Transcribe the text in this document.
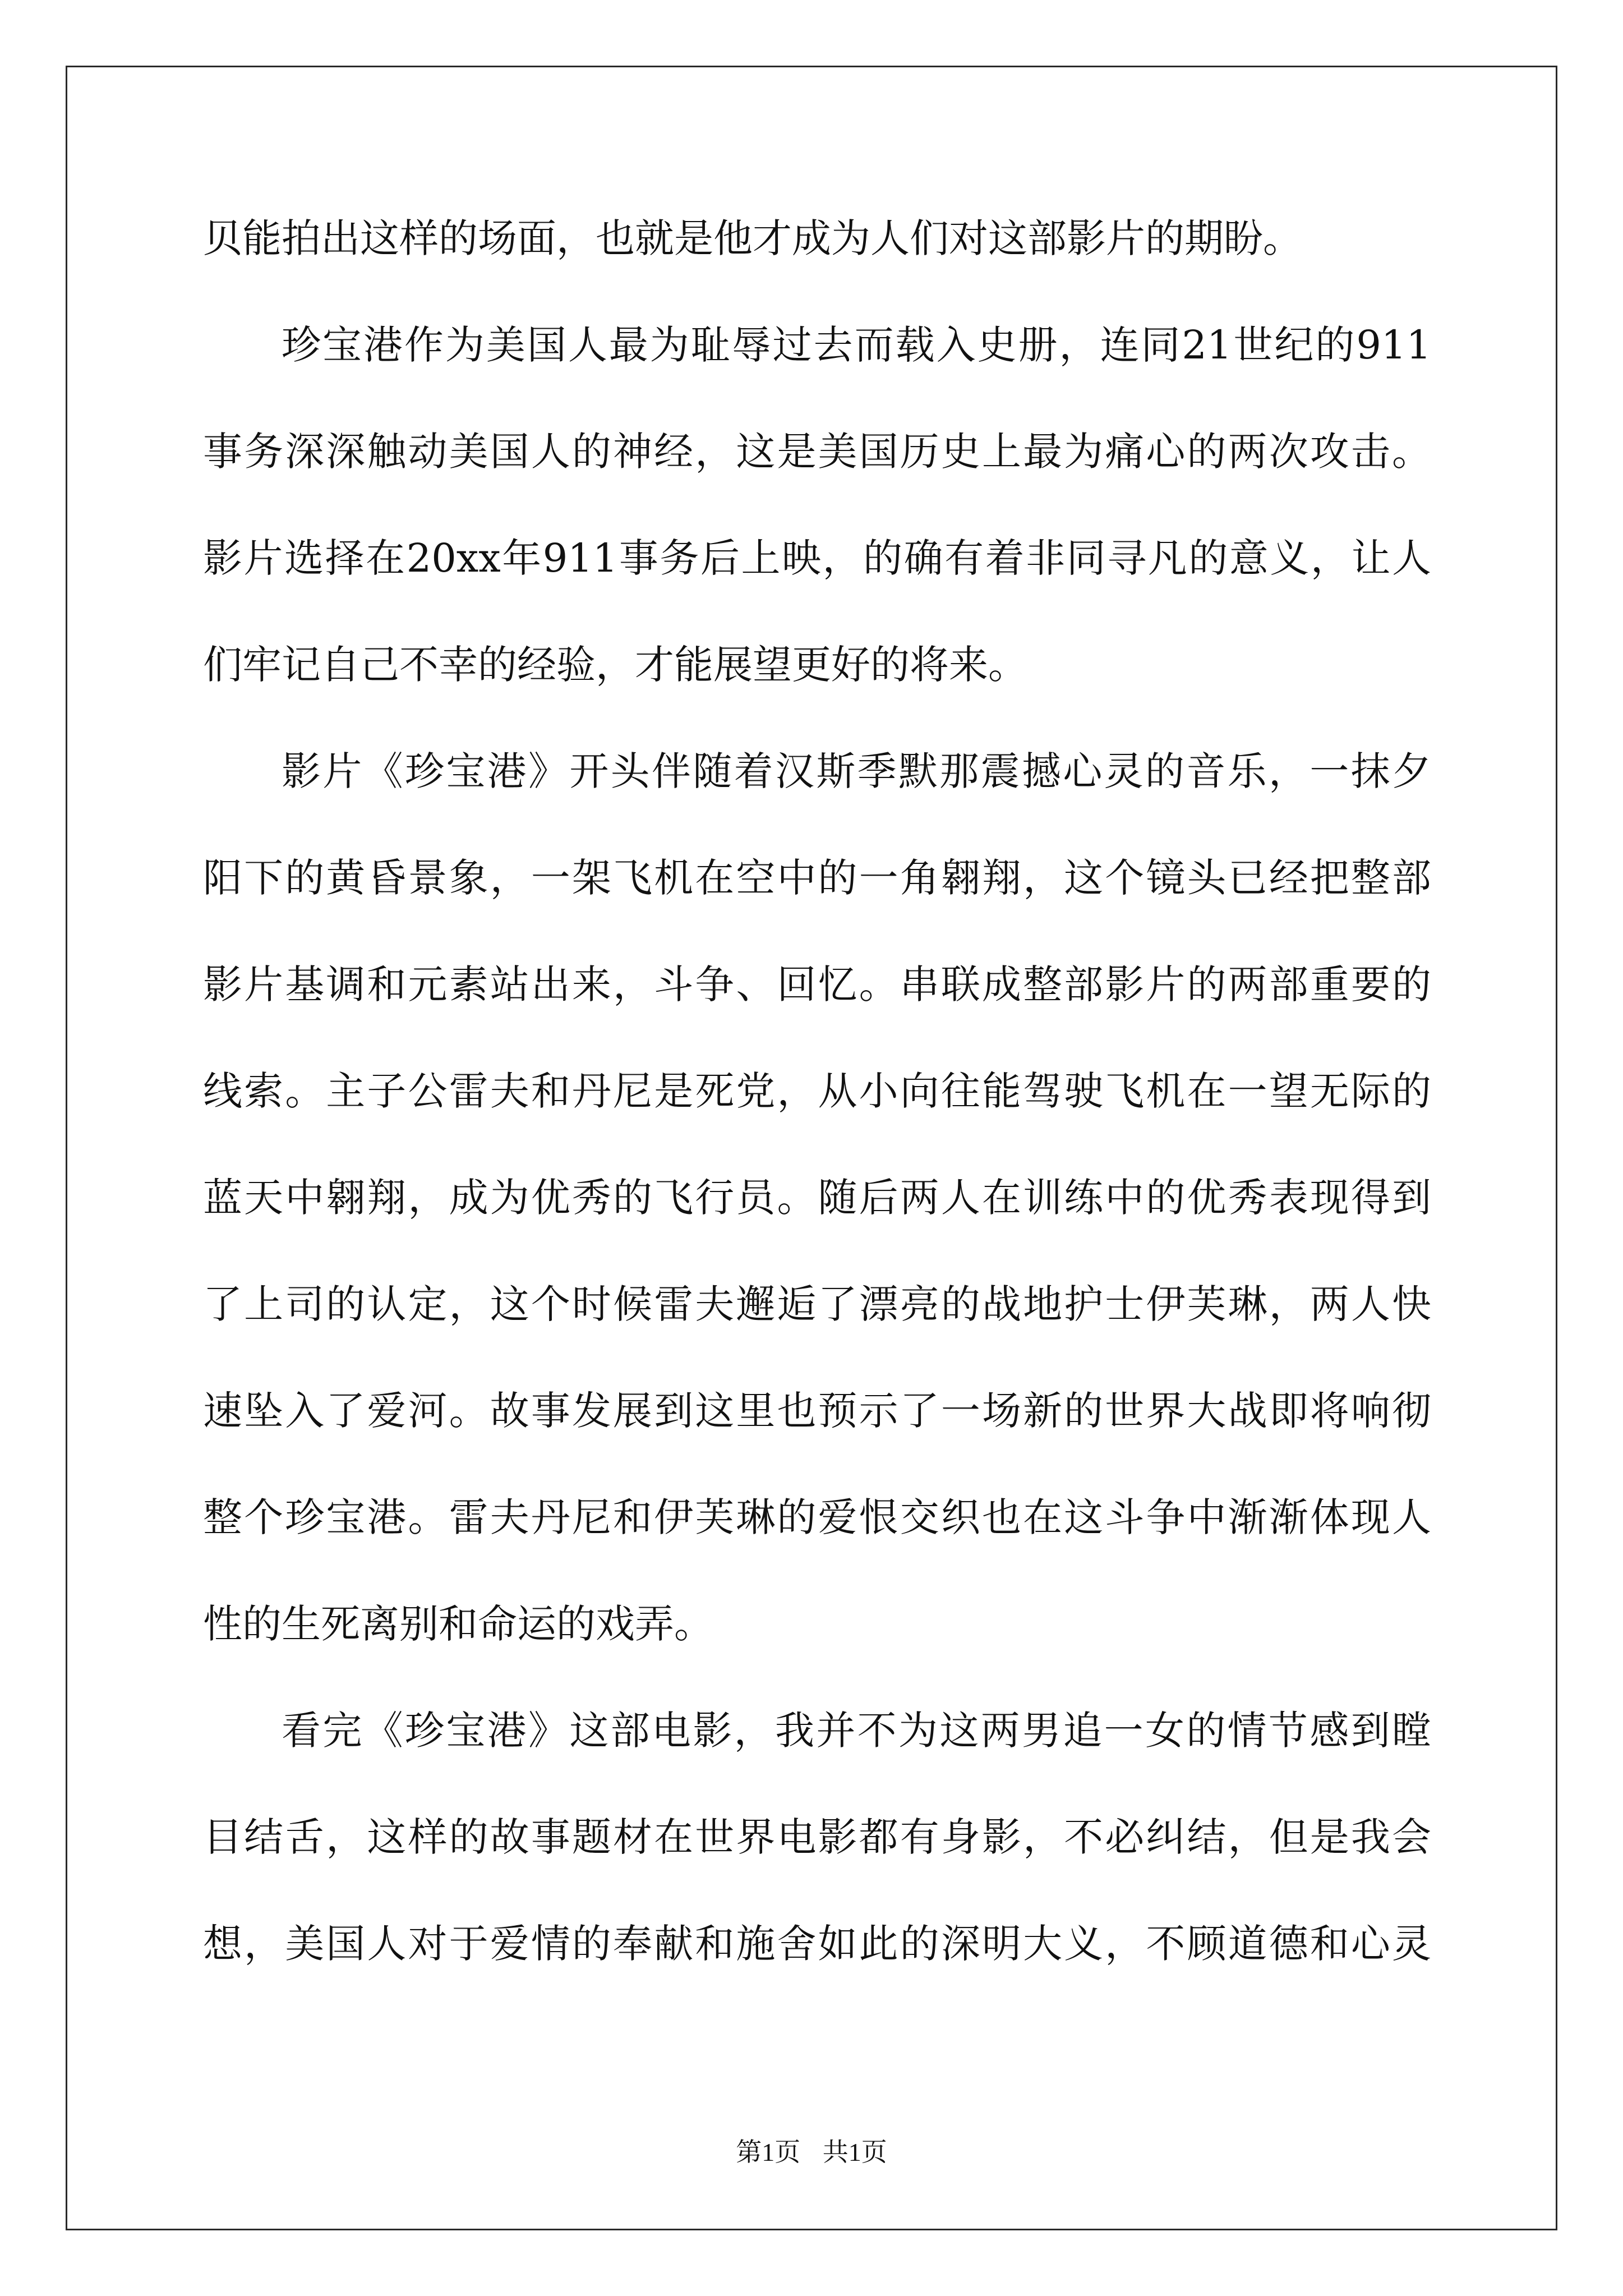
贝能拍出这样的场面，也就是他才成为人们对这部影片的期盼。

珍宝港作为美国人最为耻辱过去而载入史册，连同21世纪的911

事务深深触动美国人的神经，这是美国历史上最为痛心的两次攻击。

影片选择在20xx年911事务后上映，的确有着非同寻凡的意义，让人

们牢记自己不幸的经验，才能展望更好的将来。

影片《珍宝港》开头伴随着汉斯季默那震撼心灵的音乐，一抹夕

阳下的黄昏景象，一架飞机在空中的一角翱翔，这个镜头已经把整部

影片基调和元素站出来，斗争、回忆。串联成整部影片的两部重要的

线索。主子公雷夫和丹尼是死党，从小向往能驾驶飞机在一望无际的

蓝天中翱翔，成为优秀的飞行员。随后两人在训练中的优秀表现得到

了上司的认定，这个时候雷夫邂逅了漂亮的战地护士伊芙琳，两人快

速坠入了爱河。故事发展到这里也预示了一场新的世界大战即将响彻

整个珍宝港。雷夫丹尼和伊芙琳的爱恨交织也在这斗争中渐渐体现人

性的生死离别和命运的戏弄。

看完《珍宝港》这部电影，我并不为这两男追一女的情节感到瞠

目结舌，这样的故事题材在世界电影都有身影，不必纠结，但是我会

想，美国人对于爱情的奉献和施舍如此的深明大义，不顾道德和心灵

第1页 共1页
